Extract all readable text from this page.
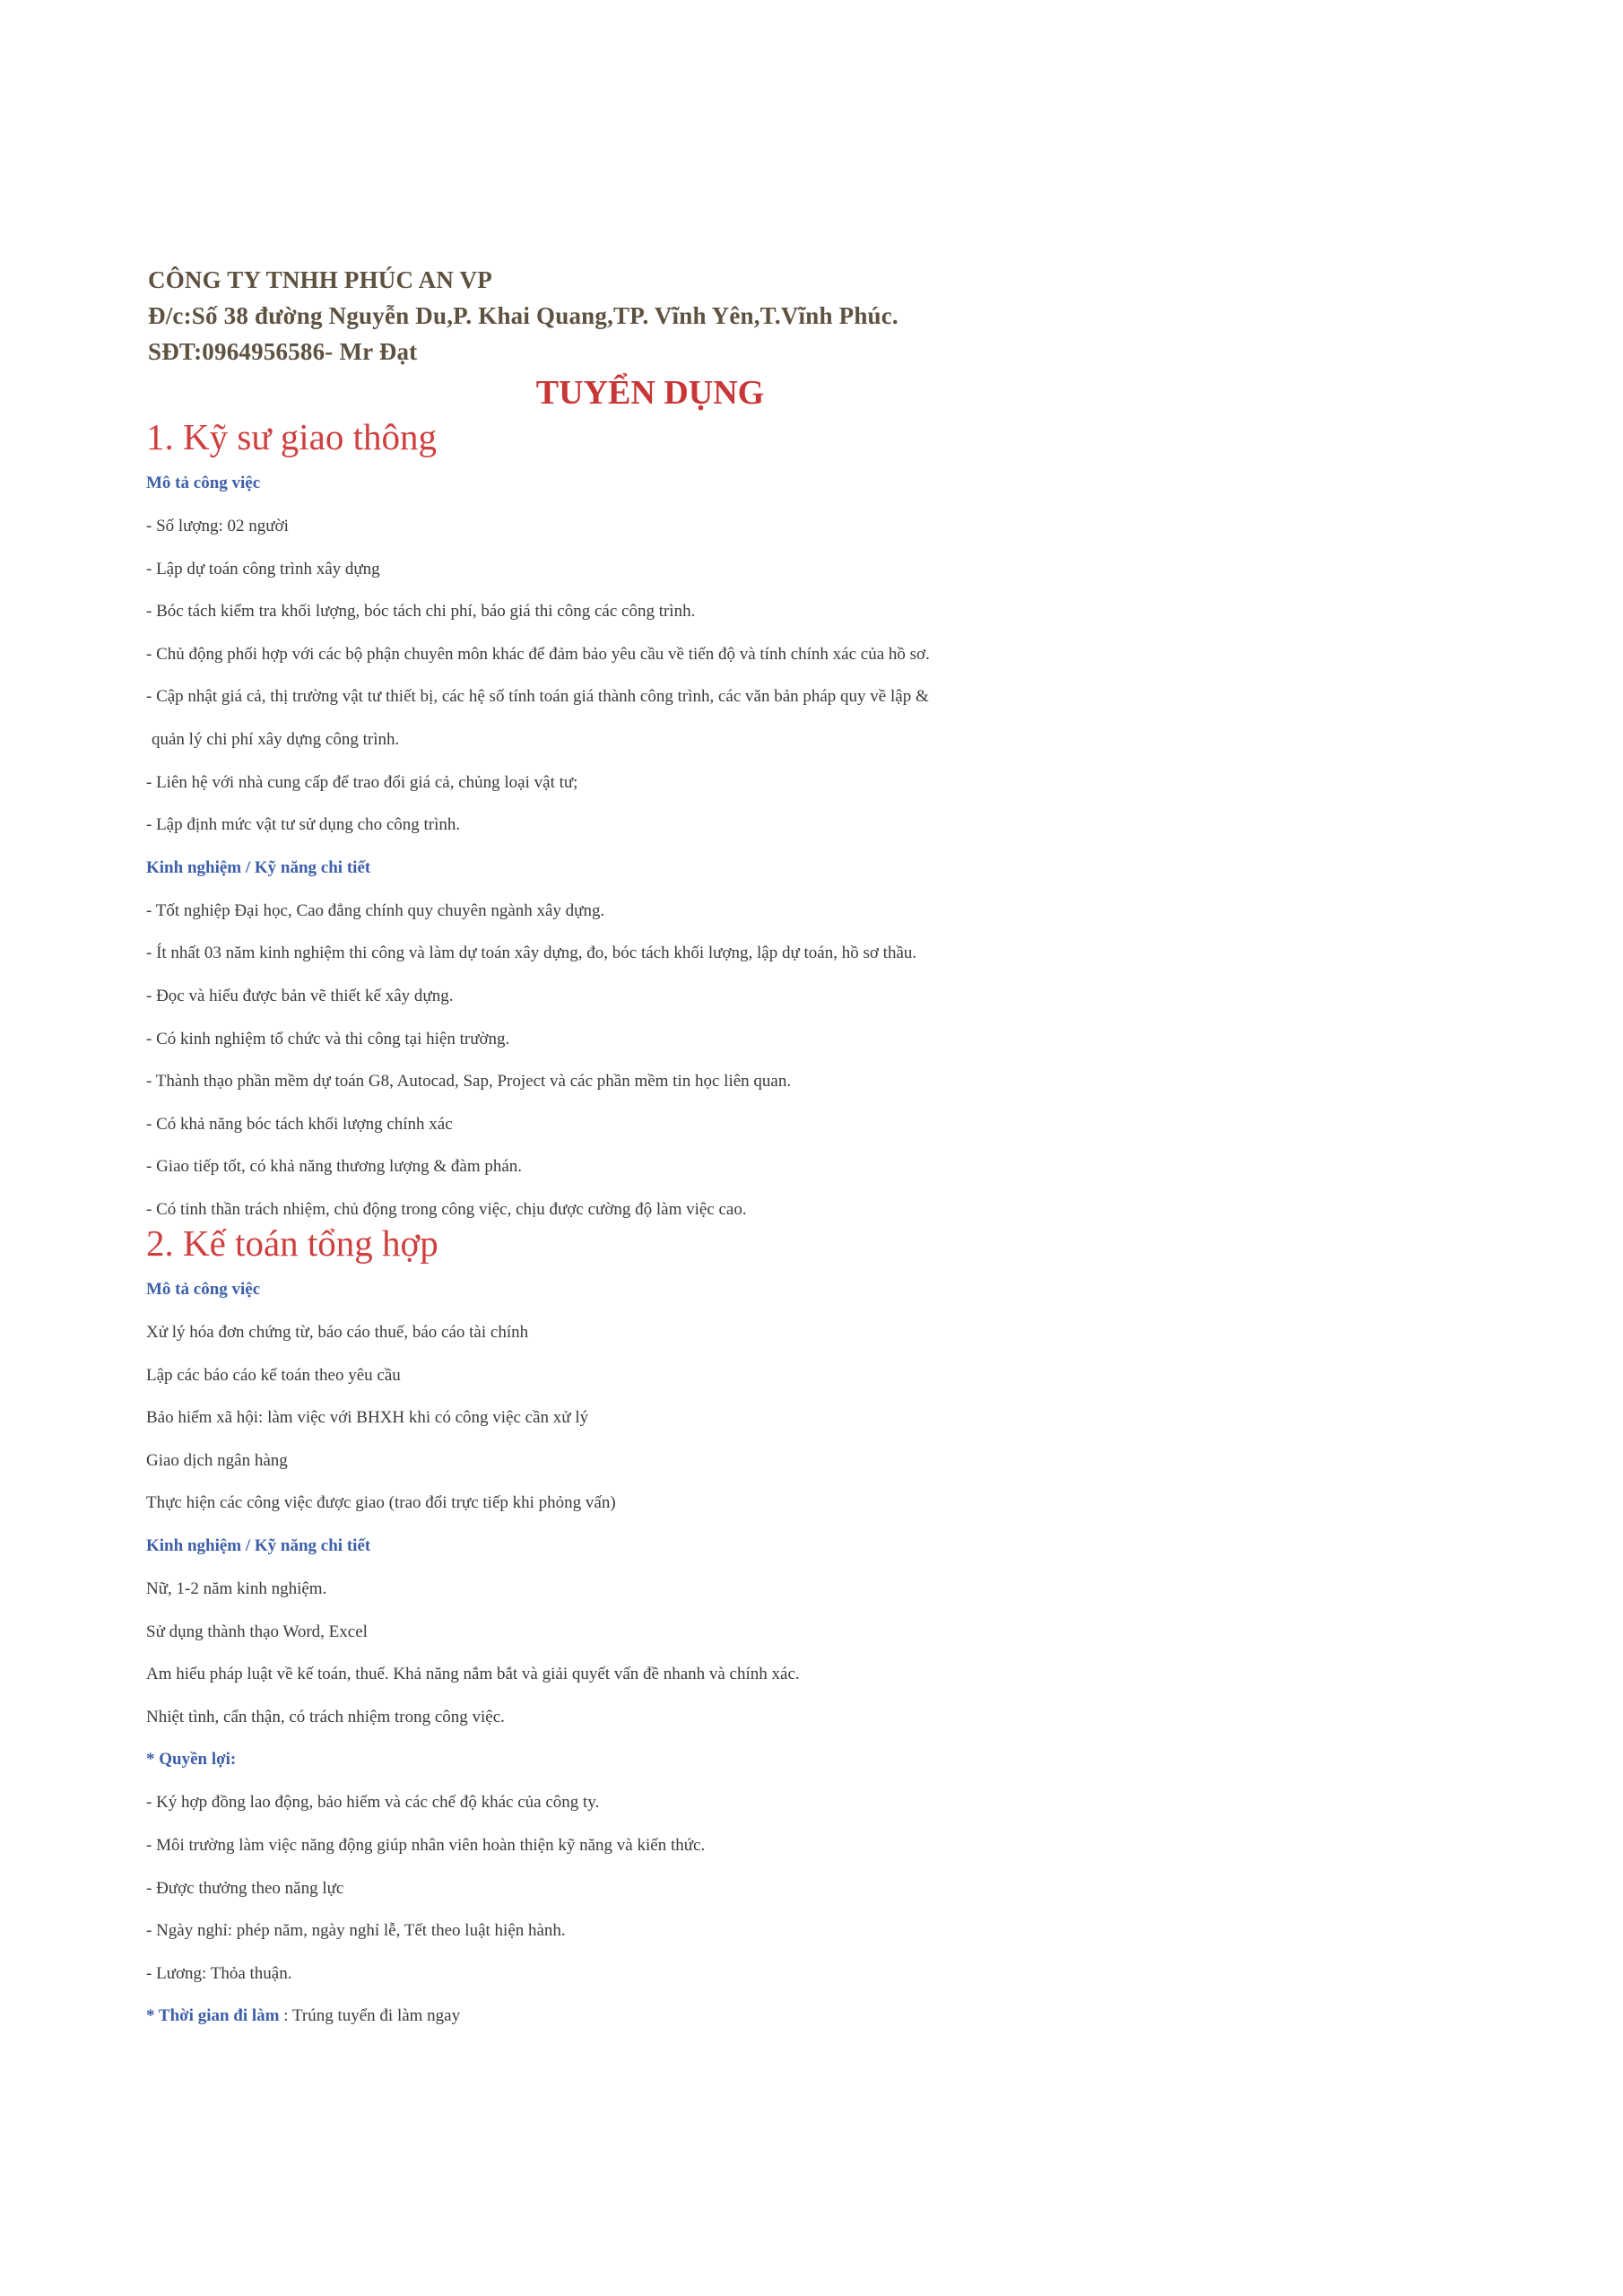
CÔNG TY TNHH PHÚC AN VP
Đ/c:Số 38 đường Nguyễn Du,P. Khai Quang,TP. Vĩnh Yên,T.Vĩnh Phúc.
SĐT:0964956586- Mr Đạt
TUYỂN DỤNG
1. Kỹ sư giao thông
Mô tả công việc
- Số lượng: 02 người
- Lập dự toán công trình xây dựng
- Bóc tách kiểm tra khối lượng, bóc tách chi phí, báo giá thi công các công trình.
- Chủ động phối hợp với các bộ phận chuyên môn khác để đảm bảo yêu cầu về tiến độ và tính chính xác của hồ sơ.
- Cập nhật giá cả, thị trường vật tư thiết bị, các hệ số tính toán giá thành công trình, các văn bản pháp quy về lập &
quản lý chi phí xây dựng công trình.
- Liên hệ với nhà cung cấp để trao đổi giá cả, chủng loại vật tư;
- Lập định mức vật tư sử dụng cho công trình.
Kinh nghiệm / Kỹ năng chi tiết
- Tốt nghiệp Đại học, Cao đẳng chính quy chuyên ngành xây dựng.
- Ít nhất 03 năm kinh nghiệm thi công và làm dự toán xây dựng, đo, bóc tách khối lượng, lập dự toán, hồ sơ thầu.
- Đọc và hiểu được bản vẽ thiết kế xây dựng.
- Có kinh nghiệm tổ chức và thi công tại hiện trường.
- Thành thạo phần mềm dự toán G8, Autocad, Sap, Project và các phần mềm tin học liên quan.
- Có khả năng bóc tách khối lượng chính xác
- Giao tiếp tốt, có khả năng thương lượng & đàm phán.
- Có tinh thần trách nhiệm, chủ động trong công việc, chịu được cường độ làm việc cao.
2. Kế toán tổng hợp
Mô tả công việc
Xử lý hóa đơn chứng từ, báo cáo thuế, báo cáo tài chính
Lập các báo cáo kế toán theo yêu cầu
Bảo hiểm xã hội: làm việc với BHXH khi có công việc cần xử lý
Giao dịch ngân hàng
Thực hiện các công việc được giao (trao đổi trực tiếp khi phỏng vấn)
Kinh nghiệm / Kỹ năng chi tiết
Nữ, 1-2 năm kinh nghiệm.
Sử dụng thành thạo Word, Excel
Am hiểu pháp luật về kế toán, thuế. Khả năng nắm bắt và giải quyết vấn đề nhanh và chính xác.
Nhiệt tình, cẩn thận, có trách nhiệm trong công việc.
* Quyền lợi:
- Ký hợp đồng lao động, bảo hiểm và các chế độ khác của công ty.
- Môi trường làm việc năng động giúp nhân viên hoàn thiện kỹ năng và kiến thức.
- Được thưởng theo năng lực
- Ngày nghỉ: phép năm, ngày nghỉ lễ, Tết theo luật hiện hành.
- Lương: Thỏa thuận.
* Thời gian đi làm : Trúng tuyển đi làm ngay
